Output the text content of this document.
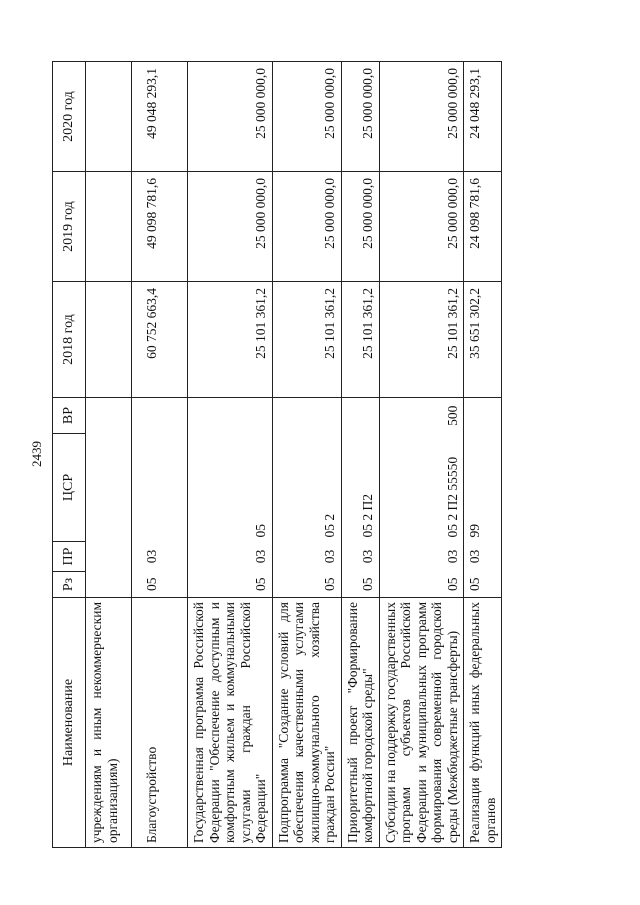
2439
Наименование	Рз	ПР	ЦСР	ВР	2018 год	2019 год	2020 год
учреждениям и иным некоммерческим организациям)							
Благоустройство	05	03			60 752 663,4	49 098 781,6	49 048 293,1
Государственная программа Российской Федерации "Обеспечение доступным и комфортным жильем и коммунальными услугами граждан Российской Федерации"	05	03	05		25 101 361,2	25 000 000,0	25 000 000,0
Подпрограмма "Создание условий для обеспечения качественными услугами жилищно-коммунального хозяйства граждан России"	05	03	05 2		25 101 361,2	25 000 000,0	25 000 000,0
Приоритетный проект "Формирование комфортной городской среды"	05	03	05 2 П2		25 101 361,2	25 000 000,0	25 000 000,0
Субсидии на поддержку государственных программ субъектов Российской Федерации и муниципальных программ формирования современной городской среды (Межбюджетные трансферты)	05	03	05 2 П2 55550	500	25 101 361,2	25 000 000,0	25 000 000,0
Реализация функций иных федеральных органов	05	03	99		35 651 302,2	24 098 781,6	24 048 293,1
